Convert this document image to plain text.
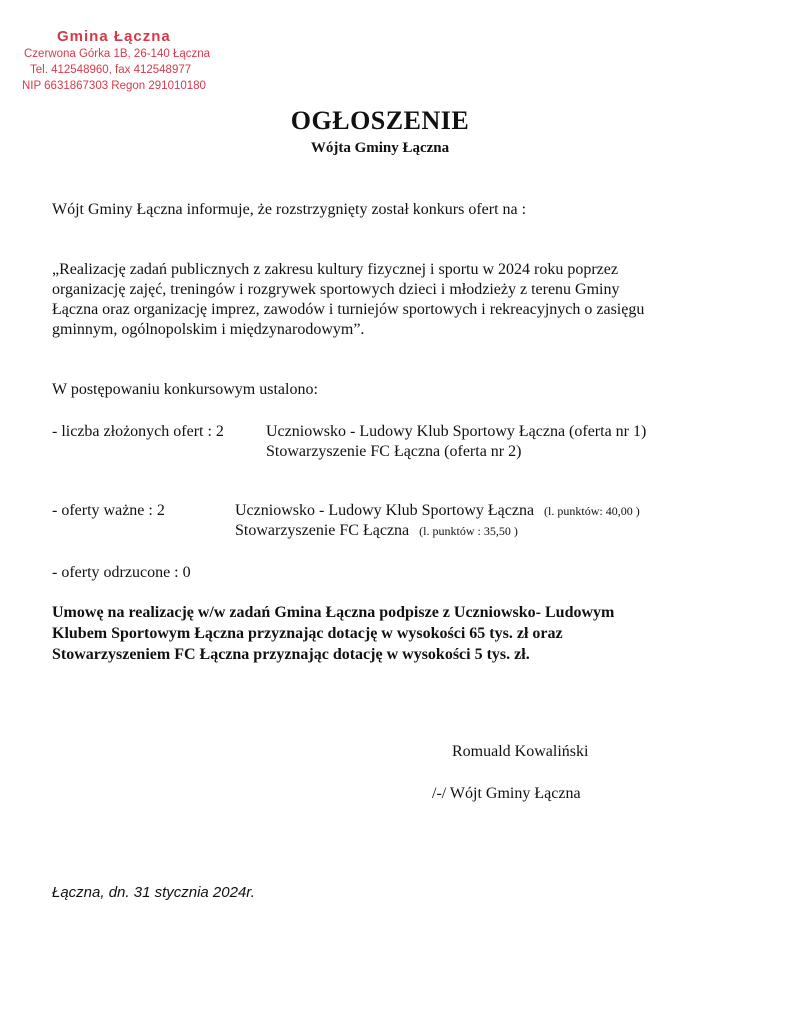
Gmina Łączna
Czerwona Górka 1B, 26-140 Łączna
Tel. 412548960, fax 412548977
NIP 6631867303 Regon 291010180
OGŁOSZENIE
Wójta Gminy Łączna
Wójt Gminy Łączna informuje, że rozstrzygnięty został konkurs ofert na :
„Realizację zadań publicznych z zakresu kultury fizycznej i sportu w 2024 roku poprzez
organizację zajęć, treningów i rozgrywek sportowych dzieci i młodzieży z terenu Gminy
Łączna oraz organizację imprez, zawodów i turniejów sportowych i rekreacyjnych o zasięgu
gminnym, ogólnopolskim i międzynarodowym”.
W postępowaniu konkursowym ustalono:
- liczba złożonych ofert : 2	Uczniowsko - Ludowy Klub Sportowy Łączna (oferta nr 1)
Stowarzyszenie FC Łączna (oferta nr 2)
- oferty ważne : 2	Uczniowsko - Ludowy Klub Sportowy Łączna (l. punktów: 40,00 )
Stowarzyszenie FC Łączna (l. punktów : 35,50 )
- oferty odrzucone : 0
Umowę na realizację w/w zadań Gmina Łączna podpisze z Uczniowsko- Ludowym
Klubem Sportowym Łączna przyznając dotację w wysokości 65 tys. zł oraz
Stowarzyszeniem FC Łączna przyznając dotację w wysokości 5 tys. zł.
Romuald Kowaliński
/-/ Wójt Gminy Łączna
Łączna, dn. 31 stycznia 2024r.
